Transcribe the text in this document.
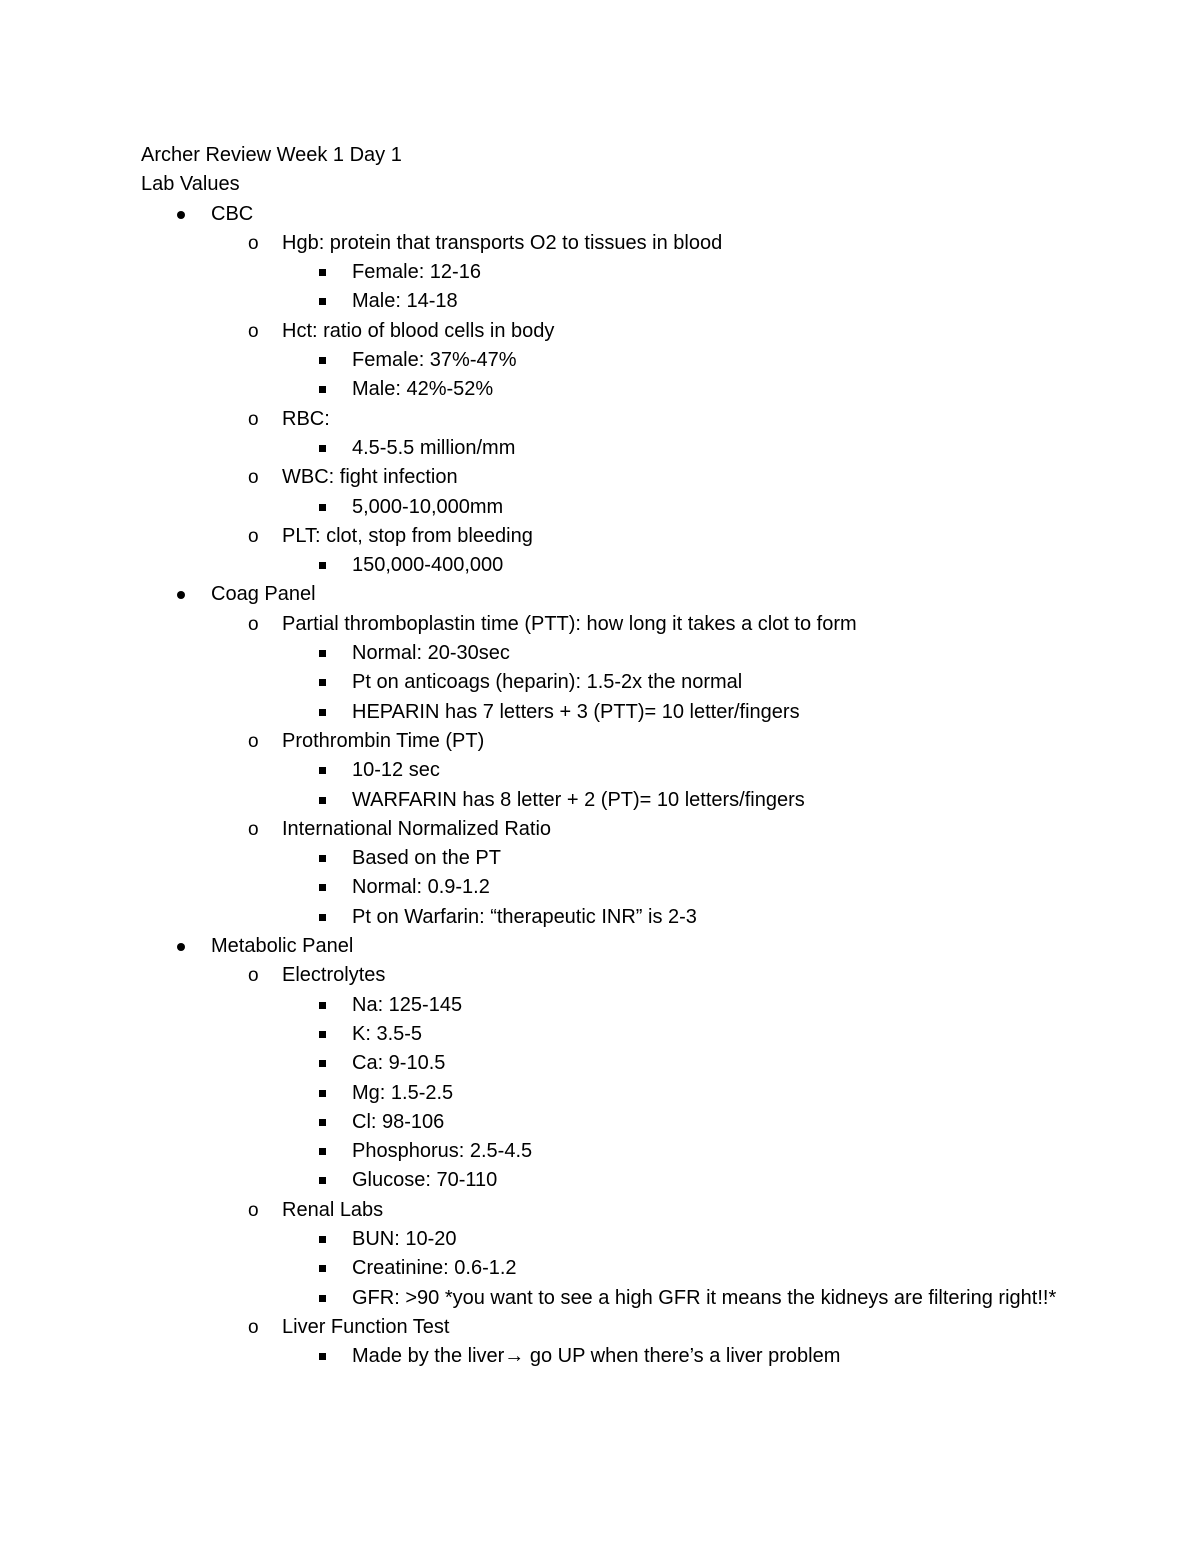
Archer Review Week 1 Day 1
Lab Values
CBC
o Hgb: protein that transports O2 to tissues in blood
Female: 12-16
Male: 14-18
o Hct: ratio of blood cells in body
Female: 37%-47%
Male: 42%-52%
o RBC:
4.5-5.5 million/mm
o WBC: fight infection
5,000-10,000mm
o PLT: clot, stop from bleeding
150,000-400,000
Coag Panel
o Partial thromboplastin time (PTT): how long it takes a clot to form
Normal: 20-30sec
Pt on anticoags (heparin): 1.5-2x the normal
HEPARIN has 7 letters + 3 (PTT)= 10 letter/fingers
o Prothrombin Time (PT)
10-12 sec
WARFARIN has 8 letter + 2 (PT)= 10 letters/fingers
o International Normalized Ratio
Based on the PT
Normal: 0.9-1.2
Pt on Warfarin: “therapeutic INR” is 2-3
Metabolic Panel
o Electrolytes
Na: 125-145
K: 3.5-5
Ca: 9-10.5
Mg: 1.5-2.5
Cl: 98-106
Phosphorus: 2.5-4.5
Glucose: 70-110
o Renal Labs
BUN: 10-20
Creatinine: 0.6-1.2
GFR: >90 *you want to see a high GFR it means the kidneys are filtering right!!*
o Liver Function Test
Made by the liver→ go UP when there’s a liver problem
